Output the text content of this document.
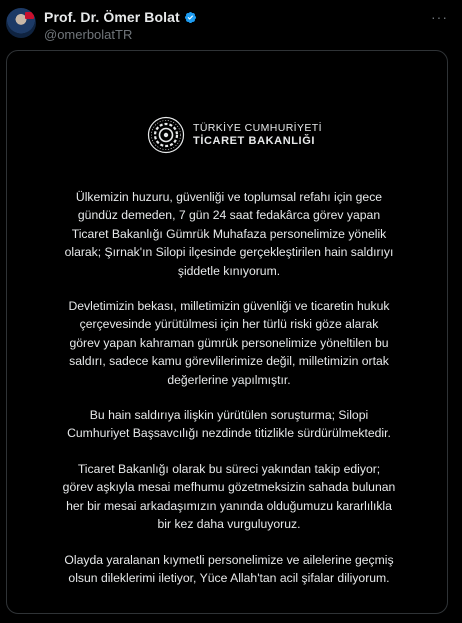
Prof. Dr. Ömer Bolat
@omerbolatTR
···
TÜRKİYE CUMHURİYETİ
TİCARET BAKANLIĞI

Ülkemizin huzuru, güvenliği ve toplumsal refahı için gece
gündüz demeden, 7 gün 24 saat fedakârca görev yapan
Ticaret Bakanlığı Gümrük Muhafaza personelimize yönelik
olarak; Şırnak'ın Silopi ilçesinde gerçekleştirilen hain saldırıyı
şiddetle kınıyorum.

Devletimizin bekası, milletimizin güvenliği ve ticaretin hukuk
çerçevesinde yürütülmesi için her türlü riski göze alarak
görev yapan kahraman gümrük personelimize yöneltilen bu
saldırı, sadece kamu görevlilerimize değil, milletimizin ortak
değerlerine yapılmıştır.

Bu hain saldırıya ilişkin yürütülen soruşturma; Silopi
Cumhuriyet Başsavcılığı nezdinde titizlikle sürdürülmektedir.

Ticaret Bakanlığı olarak bu süreci yakından takip ediyor;
görev aşkıyla mesai mefhumu gözetmeksizin sahada bulunan
her bir mesai arkadaşımızın yanında olduğumuzu kararlılıkla
bir kez daha vurguluyoruz.

Olayda yaralanan kıymetli personelimize ve ailelerine geçmiş
olsun dileklerimi iletiyor, Yüce Allah'tan acil şifalar diliyorum.
